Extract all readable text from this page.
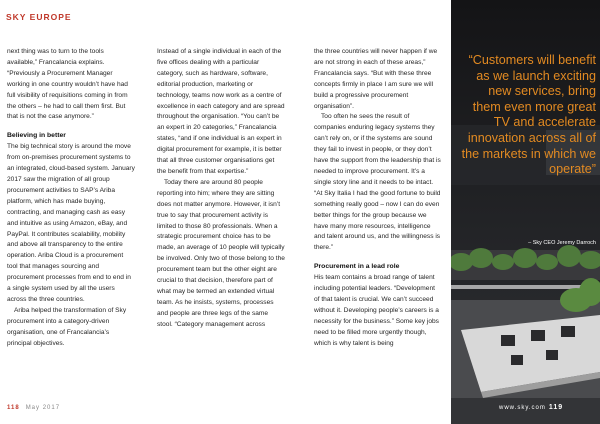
SKY EUROPE

next thing was to turn to the tools available,” Francalancia explains. “Previously a Procurement Manager working in one country wouldn’t have had full visibility of requisitions coming in from the others – he had to call them first. But that is not the case anymore.”

Believing in better

The big technical story is around the move from on-premises procurement systems to an integrated, cloud-based system. January 2017 saw the migration of all group procurement activities to SAP’s Ariba platform, which has made buying, contracting, and managing cash as easy and intuitive as using Amazon, eBay, and PayPal. It contributes scalability, mobility and above all transparency to the entire operation. Ariba Cloud is a procurement tool that manages sourcing and procurement processes from end to end in a single system used by all the users across the three countries.

Ariba helped the transformation of Sky procurement into a category-driven organisation, one of Francalancia’s principal objectives.

Instead of a single individual in each of the five offices dealing with a particular category, such as hardware, software, editorial production, marketing or technology, teams now work as a centre of excellence in each category and are spread throughout the organisation. “You can’t be an expert in 20 categories,” Francalancia states, “and if one individual is an expert in digital procurement for example, it is better that all three customer organisations get the benefit from that expertise.”

Today there are around 80 people reporting into him; where they are sitting does not matter anymore. However, it isn’t true to say that procurement activity is limited to those 80 professionals. When a strategic procurement choice has to be made, an average of 10 people will typically be involved. Only two of those belong to the procurement team but the other eight are crucial to that decision, therefore part of what may be termed an extended virtual team. As he insists, systems, processes and people are three legs of the same stool. “Category management across

the three countries will never happen if we are not strong in each of these areas,” Francalancia says. “But with these three concepts firmly in place I am sure we will build a progressive procurement organisation”.

Too often he sees the result of companies enduring legacy systems they can’t rely on, or if the systems are sound they fail to invest in people, or they don’t have the support from the leadership that is needed to improve procurement. It’s a single story line and it needs to be intact. “At Sky Italia I had the good fortune to build something really good – now I can do even better things for the group because we have many more resources, intelligence and talent around us, and the willingness is there.”

Procurement in a lead role

His team contains a broad range of talent including potential leaders. “Development of that talent is crucial. We can’t succeed without it. Developing people’s careers is a necessity for the business.” Some key jobs need to be filled more urgently though, which is why talent is being

“Customers will benefit as we launch exciting new services, bring them even more great TV and accelerate innovation across all of the markets in which we operate”
– Sky CEO Jeremy Darroch
118 May 2017	www.sky.com 119
